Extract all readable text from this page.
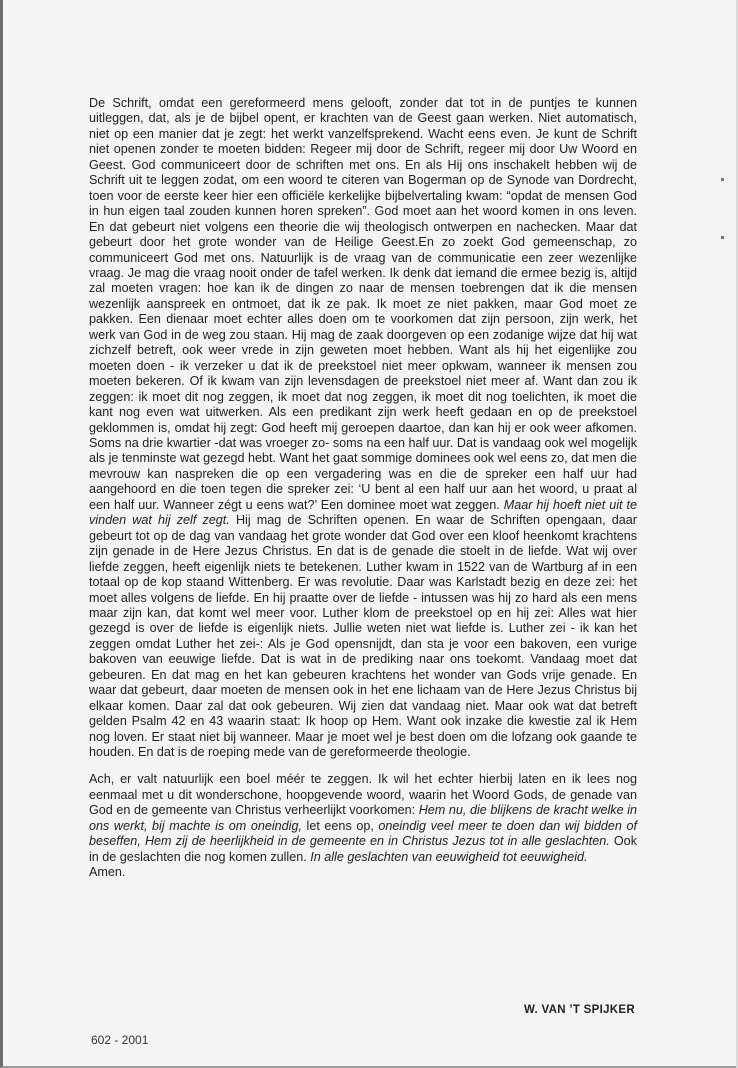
De Schrift, omdat een gereformeerd mens gelooft, zonder dat tot in de puntjes te kunnen uitleggen, dat, als je de bijbel opent, er krachten van de Geest gaan werken. Niet automatisch, niet op een manier dat je zegt: het werkt vanzelfsprekend. Wacht eens even. Je kunt de Schrift niet openen zonder te moeten bidden: Regeer mij door de Schrift, regeer mij door Uw Woord en Geest. God communiceert door de schriften met ons. En als Hij ons inschakelt hebben wij de Schrift uit te leggen zodat, om een woord te citeren van Bogerman op de Synode van Dordrecht, toen voor de eerste keer hier een officiële kerkelijke bijbelvertaling kwam: “opdat de mensen God in hun eigen taal zouden kunnen horen spreken”. God moet aan het woord komen in ons leven. En dat gebeurt niet volgens een theorie die wij theologisch ontwerpen en nachecken. Maar dat gebeurt door het grote wonder van de Heilige Geest.En zo zoekt God gemeenschap, zo communiceert God met ons. Natuurlijk is de vraag van de communicatie een zeer wezenlijke vraag. Je mag die vraag nooit onder de tafel werken. Ik denk dat iemand die ermee bezig is, altijd zal moeten vragen: hoe kan ik de dingen zo naar de mensen toebrengen dat ik die mensen wezenlijk aanspreek en ontmoet, dat ik ze pak. Ik moet ze niet pakken, maar God moet ze pakken. Een dienaar moet echter alles doen om te voorkomen dat zijn persoon, zijn werk, het werk van God in de weg zou staan. Hij mag de zaak doorgeven op een zodanige wijze dat hij wat zichzelf betreft, ook weer vrede in zijn geweten moet hebben. Want als hij het eigenlijke zou moeten doen - ik verzeker u dat ik de preekstoel niet meer opkwam, wanneer ik mensen zou moeten bekeren. Of ik kwam van zijn levensdagen de preekstoel niet meer af. Want dan zou ik zeggen: ik moet dit nog zeggen, ik moet dat nog zeggen, ik moet dit nog toelichten, ik moet die kant nog even wat uitwerken. Als een predikant zijn werk heeft gedaan en op de preekstoel geklommen is, omdat hij zegt: God heeft mij geroepen daartoe, dan kan hij er ook weer afkomen. Soms na drie kwartier -dat was vroeger zo- soms na een half uur. Dat is vandaag ook wel mogelijk als je tenminste wat gezegd hebt. Want het gaat sommige dominees ook wel eens zo, dat men die mevrouw kan naspreken die op een vergadering was en die de spreker een half uur had aangehoord en die toen tegen die spreker zei: ‘U bent al een half uur aan het woord, u praat al een half uur. Wanneer zégt u eens wat?’ Een dominee moet wat zeggen. Maar hij hoeft niet uit te vinden wat hij zelf zegt. Hij mag de Schriften openen. En waar de Schriften opengaan, daar gebeurt tot op de dag van vandaag het grote wonder dat God over een kloof heenkomt krachtens zijn genade in de Here Jezus Christus. En dat is de genade die stoelt in de liefde. Wat wij over liefde zeggen, heeft eigenlijk niets te betekenen. Luther kwam in 1522 van de Wartburg af in een totaal op de kop staand Wittenberg. Er was revolutie. Daar was Karlstadt bezig en deze zei: het moet alles volgens de liefde. En hij praatte over de liefde - intussen was hij zo hard als een mens maar zijn kan, dat komt wel meer voor. Luther klom de preekstoel op en hij zei: Alles wat hier gezegd is over de liefde is eigenlijk niets. Jullie weten niet wat liefde is. Luther zei - ik kan het zeggen omdat Luther het zei-: Als je God opensnijdt, dan sta je voor een bakoven, een vurige bakoven van eeuwige liefde. Dat is wat in de prediking naar ons toekomt. Vandaag moet dat gebeuren. En dat mag en het kan gebeuren krachtens het wonder van Gods vrije genade. En waar dat gebeurt, daar moeten de mensen ook in het ene lichaam van de Here Jezus Christus bij elkaar komen. Daar zal dat ook gebeuren. Wij zien dat vandaag niet. Maar ook wat dat betreft gelden Psalm 42 en 43 waarin staat: Ik hoop op Hem. Want ook inzake die kwestie zal ik Hem nog loven. Er staat niet bij wanneer. Maar je moet wel je best doen om die lofzang ook gaande te houden. En dat is de roeping mede van de gereformeerde theologie.

Ach, er valt natuurlijk een boel méér te zeggen. Ik wil het echter hierbij laten en ik lees nog eenmaal met u dit wonderschone, hoopgevende woord, waarin het Woord Gods, de genade van God en de gemeente van Christus verheerlijkt voorkomen: Hem nu, die blijkens de kracht welke in ons werkt, bij machte is om oneindig, let eens op, oneindig veel meer te doen dan wij bidden of beseffen, Hem zij de heerlijkheid in de gemeente en in Christus Jezus tot in alle geslachten. Ook in de geslachten die nog komen zullen. In alle geslachten van eeuwigheid tot eeuwigheid.
Amen.

W. VAN ’T SPIJKER
602 - 2001
